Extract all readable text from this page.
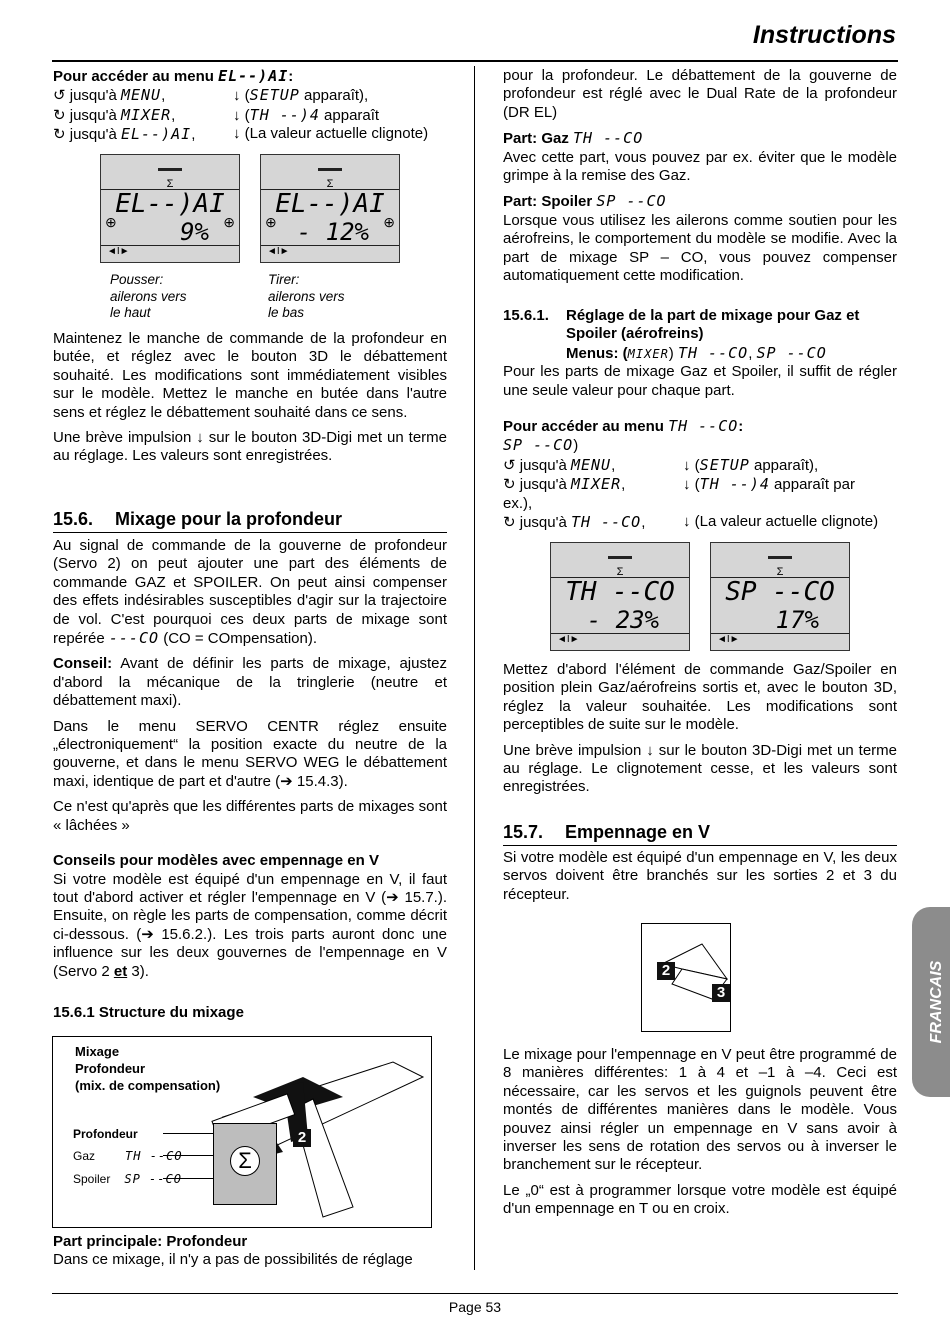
Instructions
Pour accéder au menu EL--)AI:
↺ jusqu'à MENU,	↓ (SETUP apparaît),
↻ jusqu'à MIXER,	↓ (TH --)4 apparaît
↻ jusqu'à EL--)AI,	↓ (La valeur actuelle clignote)
Σ
EL--)AI
9%
⊕	⊕
◄I►
Σ
EL--)AI
- 12%
⊕	⊕
◄I►
Pousser:
ailerons vers
le haut
Tirer:
ailerons vers
le bas

Maintenez le manche de commande de la profondeur en butée, et réglez avec le bouton 3D le débattement souhaité. Les modifications sont immédiatement visibles sur le modèle. Mettez le manche en butée dans l'autre sens et réglez le débattement souhaité dans ce sens.

Une brève impulsion ↓ sur le bouton 3D-Digi met un terme au réglage. Les valeurs sont enregistrées.

15.6. Mixage pour la profondeur

Au signal de commande de la gouverne de profondeur (Servo 2) on peut ajouter une part des éléments de commande GAZ et SPOILER. On peut ainsi compenser des effets indésirables susceptibles d'agir sur la trajectoire de vol. C'est pourquoi ces deux parts de mixage sont repérée ---CO (CO = COmpensation).

Conseil: Avant de définir les parts de mixage, ajustez d'abord la mécanique de la tringlerie (neutre et débattement maxi).

Dans le menu SERVO CENTR réglez ensuite „électroniquement“ la position exacte du neutre de la gouverne, et dans le menu SERVO WEG le débattement maxi, identique de part et d'autre (➔ 15.4.3).

Ce n'est qu'après que les différentes parts de mixages sont « lâchées »

Conseils pour modèles avec empennage en V

Si votre modèle est équipé d'un empennage en V, il faut tout d'abord activer et régler l'empennage en V (➔ 15.7.). Ensuite, on règle les parts de compensation, comme décrit ci-dessous. (➔ 15.6.2.). Les trois parts auront donc une influence sur les deux gouvernes de l'empennage en V (Servo 2 et 3).

15.6.1 Structure du mixage
Mixage
Profondeur
(mix. de compensation)
Profondeur
Gaz	TH --CO
Spoiler SP --CO
Σ
2
Part principale: Profondeur

Dans ce mixage, il n'y a pas de possibilités de réglage

pour la profondeur. Le débattement de la gouverne de profondeur est réglé avec le Dual Rate de la profondeur (DR EL)

Part: Gaz TH --CO

Avec cette part, vous pouvez par ex. éviter que le modèle grimpe à la remise des Gaz.

Part: Spoiler SP --CO

Lorsque vous utilisez les ailerons comme soutien pour les aérofreins, le comportement du modèle se modifie. Avec la part de mixage SP – CO, vous pouvez compenser automatiquement cette modification.

15.6.1.	Réglage de la part de mixage pour Gaz et
Spoiler (aérofreins)
Menus: (MIXER) TH --CO, SP --CO

Pour les parts de mixage Gaz et Spoiler, il suffit de régler une seule valeur pour chaque part.

Pour accéder au menu TH --CO:
SP --CO)
↺ jusqu'à MENU,	↓ (SETUP apparaît),
↻ jusqu'à MIXER,	↓ (TH --)4 apparaît par
ex.),
↻ jusqu'à TH --CO,	↓ (La valeur actuelle clignote)
Σ
TH --CO
- 23%
◄I►
Σ
SP --CO
17%
◄I►

Mettez d'abord l'élément de commande Gaz/Spoiler en position plein Gaz/aérofreins sortis et, avec le bouton 3D, réglez la valeur souhaitée. Les modifications sont perceptibles de suite sur le modèle.

Une brève impulsion ↓ sur le bouton 3D-Digi met un terme au réglage. Le clignotement cesse, et les valeurs sont enregistrées.

15.7. Empennage en V

Si votre modèle est équipé d'un empennage en V, les deux servos doivent être branchés sur les sorties 2 et 3 du récepteur.

2
3

Le mixage pour l'empennage en V peut être programmé de 8 manières différentes: 1 à 4 et –1 à –4. Ceci est nécessaire, car les servos et les guignols peuvent être montés de différentes manières dans le modèle. Vous pouvez ainsi régler un empennage en V sans avoir à inverser les sens de rotation des servos ou à inverser le branchement sur le récepteur.

Le „0“ est à programmer lorsque votre modèle est équipé d'un empennage en T ou en croix.

FRANCAIS
Page 53
